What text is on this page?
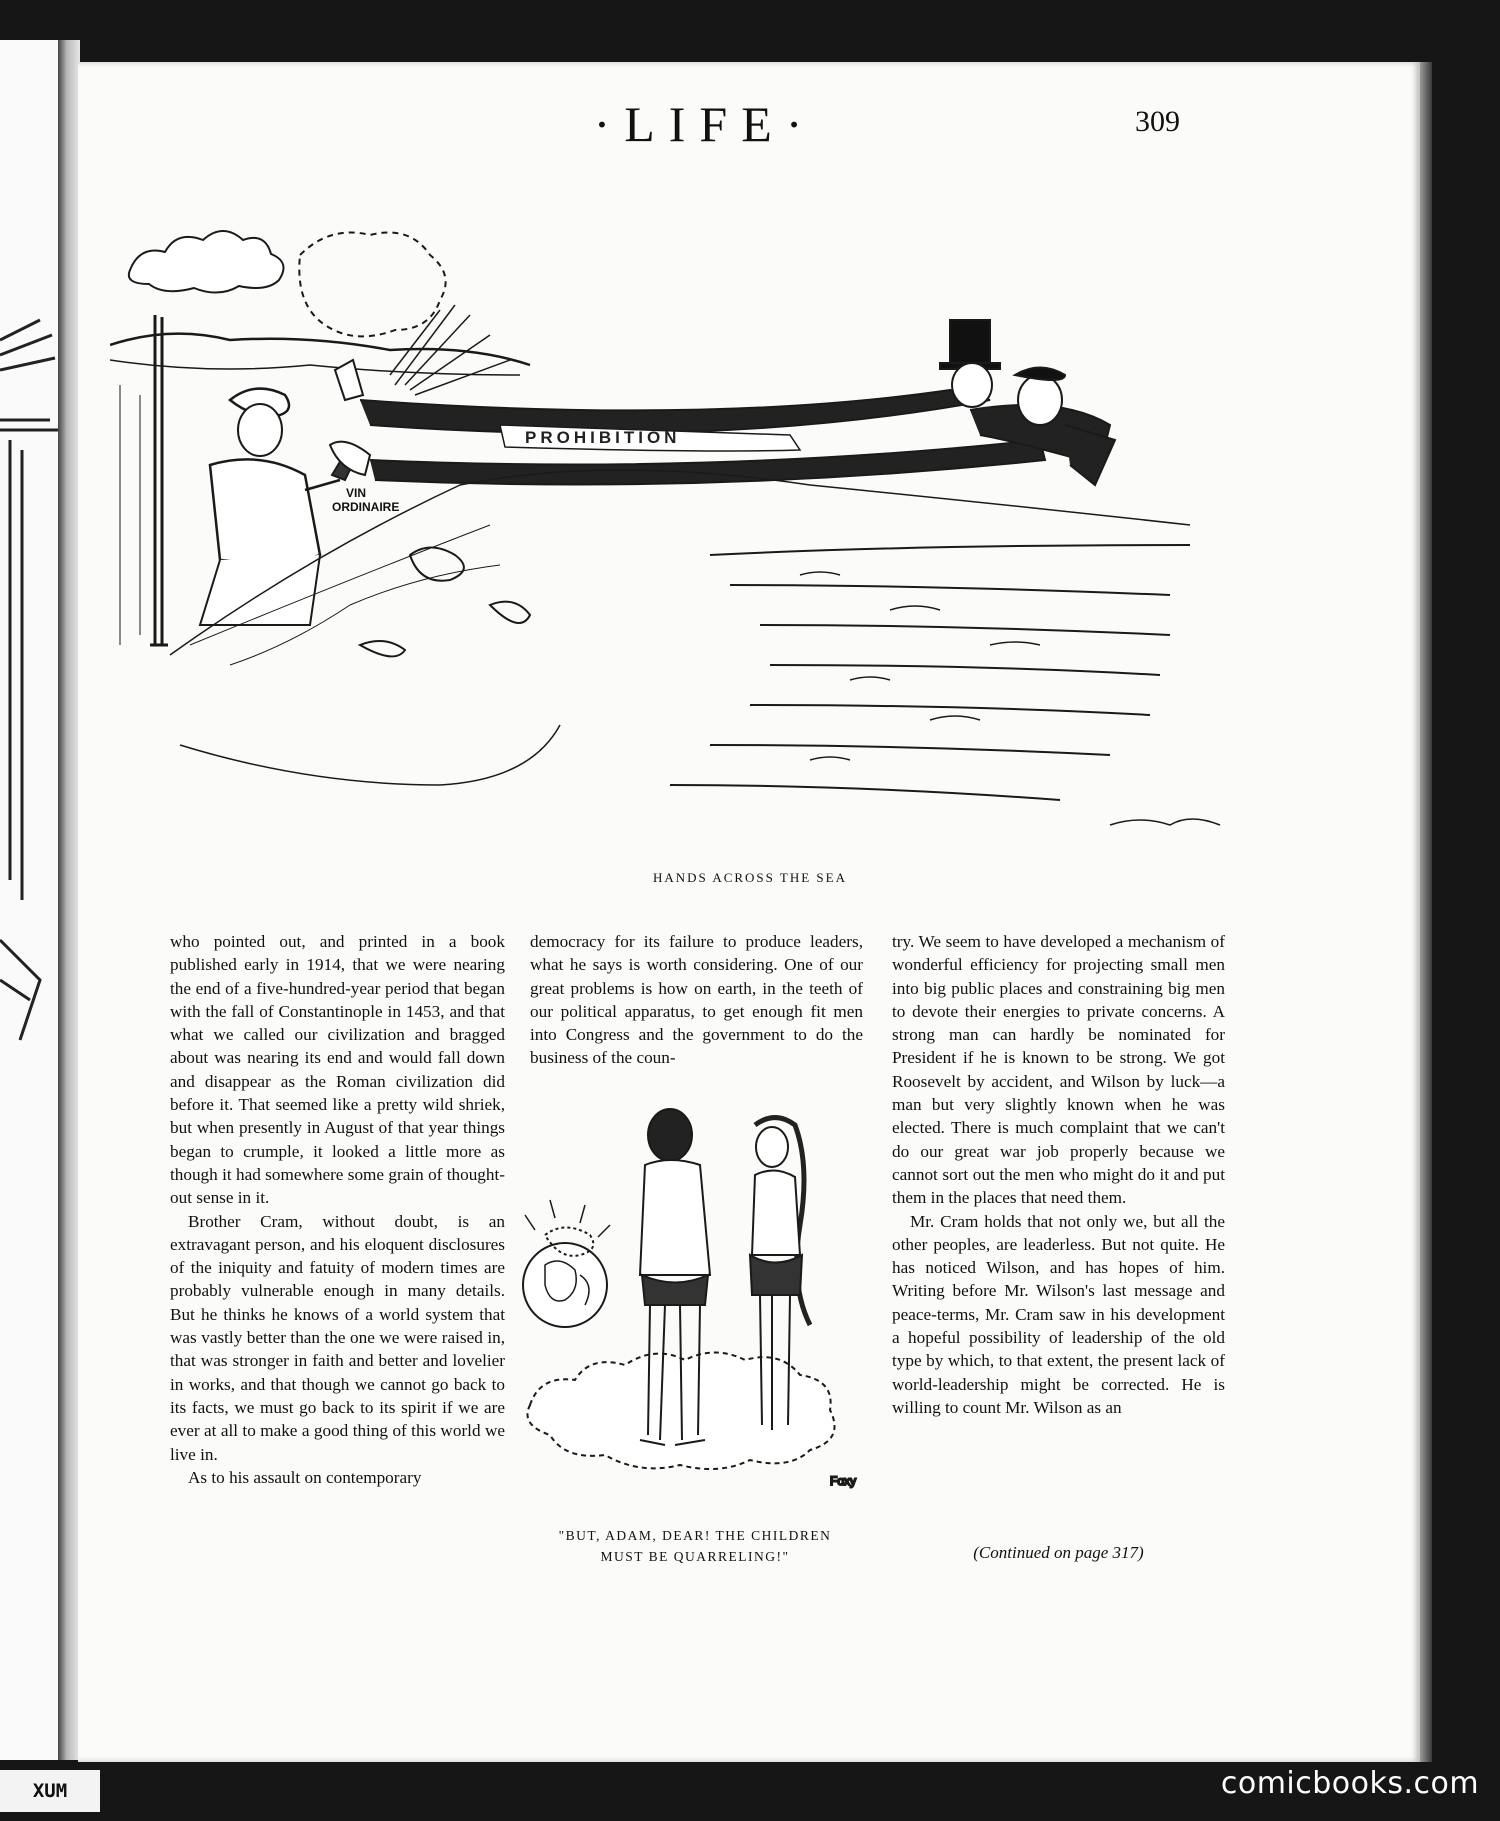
·LIFE·	309
PROHIBITION
VIN
ORDINAIRE
HANDS ACROSS THE SEA

who pointed out, and printed in a book published early in 1914, that we were nearing the end of a five-hundred-year period that began with the fall of Constantinople in 1453, and that what we called our civilization and bragged about was nearing its end and would fall down and disappear as the Roman civilization did before it. That seemed like a pretty wild shriek, but when presently in August of that year things began to crumple, it looked a little more as though it had somewhere some grain of thought-out sense in it.

Brother Cram, without doubt, is an extravagant person, and his eloquent disclosures of the iniquity and fatuity of modern times are probably vulnerable enough in many details. But he thinks he knows of a world system that was vastly better than the one we were raised in, that was stronger in faith and better and lovelier in works, and that though we cannot go back to its facts, we must go back to its spirit if we are ever at all to make a good thing of this world we live in.

As to his assault on contemporary

democracy for its failure to produce leaders, what he says is worth considering. One of our great problems is how on earth, in the teeth of our political apparatus, to get enough fit men into Congress and the government to do the business of the coun-

Foxy
"BUT, ADAM, DEAR! THE CHILDREN
MUST BE QUARRELING!"

try. We seem to have developed a mechanism of wonderful efficiency for projecting small men into big public places and constraining big men to devote their energies to private concerns. A strong man can hardly be nominated for President if he is known to be strong. We got Roosevelt by accident, and Wilson by luck—a man but very slightly known when he was elected. There is much complaint that we can't do our great war job properly because we cannot sort out the men who might do it and put them in the places that need them.

Mr. Cram holds that not only we, but all the other peoples, are leaderless. But not quite. He has noticed Wilson, and has hopes of him. Writing before Mr. Wilson's last message and peace-terms, Mr. Cram saw in his development a hopeful possibility of leadership of the old type by which, to that extent, the present lack of world-leadership might be corrected. He is willing to count Mr. Wilson as an

(Continued on page 317)
XUM	comicbooks.com
